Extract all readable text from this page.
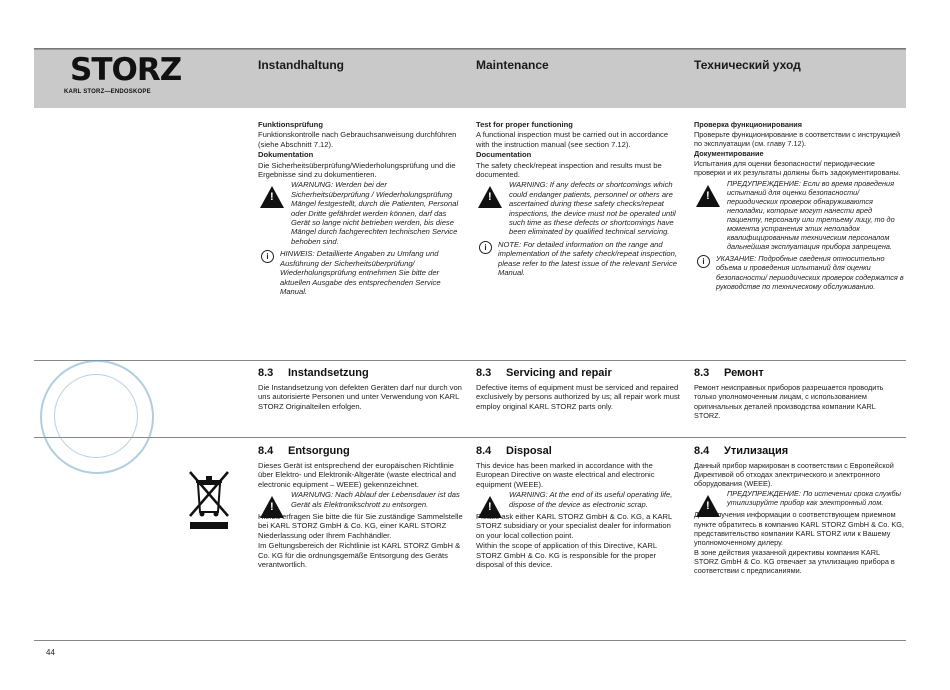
STORZ
KARL STORZ—ENDOSKOPE
Instandhaltung	Maintenance	Технический уход

Funktionsprüfung

Funktionskontrolle nach Gebrauchsanweisung durchführen (siehe Abschnitt 7.12).

Dokumentation

Die Sicherheitsüberprüfung/Wiederholungsprüfung und die Ergebnisse sind zu dokumentieren.

!
WARNUNG: Werden bei der Sicherheitsüberprüfung / Wiederholungsprüfung Mängel festgestellt, durch die Patienten, Personal oder Dritte gefährdet werden können, darf das Gerät so lange nicht betrieben werden, bis diese Mängel durch fachgerechten technischen Service behoben sind.
i	HINWEIS: Detaillierte Angaben zu Umfang und Ausführung der Sicherheitsüberprüfung/ Wiederholungsprüfung entnehmen Sie bitte der aktuellen Ausgabe des entsprechenden Service Manual.

Test for proper functioning

A functional inspection must be carried out in accordance with the instruction manual (see section 7.12).

Documentation

The safety check/repeat inspection and results must be documented.

!
WARNING: If any defects or shortcomings which could endanger patients, personnel or others are ascertained during these safety checks/repeat inspections, the device must not be operated until such time as these defects or shortcomings have been eliminated by qualified technical servicing.
i	NOTE: For detailed information on the range and implementation of the safety check/repeat inspection, please refer to the latest issue of the relevant Service Manual.

Проверка функционирования

Проверьте функционирование в соответствии с инструкцией по эксплуатации (см. главу 7.12).

Документирование

Испытания для оценки безопасности/ периодические проверки и их результаты должны быть задокументированы.

!
ПРЕДУПРЕЖДЕНИЕ: Если во время проведения испытаний для оценки безопасности/периодических проверок обнаруживаются неполадки, которые могут нанести вред пациенту, персоналу или третьему лицу, то до момента устранения этих неполадок квалифицированным техническим персоналом дальнейшая эксплуатация прибора запрещена.
i	УКАЗАНИЕ: Подробные сведения относительно объема и проведения испытаний для оценки безопасности/ периодических проверок содержатся в руководстве по техническому обслуживанию.
8.3 Instandsetzung	8.3 Servicing and repair	8.3 Ремонт
Die Instandsetzung von defekten Geräten darf nur durch von uns autorisierte Personen und unter Verwendung von KARL STORZ Originalteilen erfolgen.
Defective items of equipment must be serviced and repaired exclusively by persons authorized by us; all repair work must employ original KARL STORZ parts only.
Ремонт неисправных приборов разрешается проводить только уполномоченным лицам, с использованием оригинальных деталей производства компании KARL STORZ.
8.4 Entsorgung	8.4 Disposal	8.4 Утилизация

Dieses Gerät ist entsprechend der europäischen Richtlinie über Elektro- und Elektronik-Altgeräte (waste electrical and electronic equipment – WEEE) gekennzeichnet.

!
WARNUNG: Nach Ablauf der Lebensdauer ist das Gerät als Elektronikschrott zu entsorgen.

Hierzu erfragen Sie bitte die für Sie zuständige Sammelstelle bei KARL STORZ GmbH & Co. KG, einer KARL STORZ Niederlassung oder Ihrem Fachhändler.

Im Geltungsbereich der Richtlinie ist KARL STORZ GmbH & Co. KG für die ordnungsgemäße Entsorgung des Geräts verantwortlich.

This device has been marked in accordance with the European Directive on waste electrical and electronic equipment (WEEE).

!
WARNING: At the end of its useful operating life, dispose of the device as electronic scrap.

Please ask either KARL STORZ GmbH & Co. KG, a KARL STORZ subsidiary or your specialist dealer for information on your local collection point.

Within the scope of application of this Directive, KARL STORZ GmbH & Co. KG is responsible for the proper disposal of this device.

Данный прибор маркирован в соответствии с Европейской Директивой об отходах электрического и электронного оборудования (WEEE).

!
ПРЕДУПРЕЖДЕНИЕ: По истечении срока службы утилизируйте прибор как электронный лом.

Для получения информации о соответствующем приемном пункте обратитесь в компанию KARL STORZ GmbH & Co. KG, представительство компании KARL STORZ или к Вашему уполномоченному дилеру.

В зоне действия указанной директивы компания KARL STORZ GmbH & Co. KG отвечает за утилизацию прибора в соответствии с предписаниями.

44
